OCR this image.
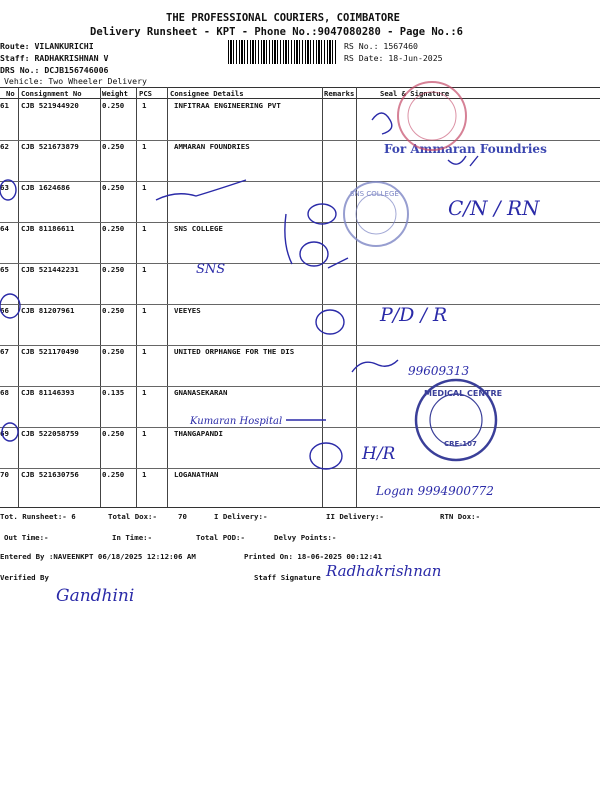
THE PROFESSIONAL COURIERS, COIMBATORE
Delivery Runsheet - KPT - Phone No.:9047080280 - Page No.:6
Route: VILANKURICHI
Staff: RADHAKRISHNAN V
DRS No.: DCJB156746006
Vehicle: Two Wheeler Delivery
RS No.: 1567460
RS Date: 18-Jun-2025
No Consignment No	Weight PCS	Consignee Details	Remarks	Seal & Signature
61 CJB 521944920	0.250 1	INFITRAA ENGINEERING PVT
62 CJB 521673879	0.250 1	AMMARAN FOUNDRIES
63 CJB 1624686	0.250 1
64 CJB 81186611	0.250 1	SNS COLLEGE
65 CJB 521442231	0.250 1
66 CJB 81207961	0.250 1	VEEYES
67 CJB 521170490	0.250 1	UNITED ORPHANGE FOR THE DIS
68 CJB 81146393	0.135 1	GNANASEKARAN
69 CJB 522058759	0.250 1	THANGAPANDI
70 CJB 521630756	0.250 1	LOGANATHAN
Tot. Runsheet:- 6	Total Dox:-	70	I Delivery:-	II Delivery:-	RTN Dox:-
Out Time:-	In Time:-	Total POD:-	Delvy Points:-
Entered By :NAVEENKPT 06/18/2025 12:12:06 AM	Printed On: 18-06-2025 00:12:41
Verified By	Staff Signature
For Ammaran Foundries
C/N / RN
SNS
P/D / R
99609313
Kumaran Hospital
H/R
Logan 9994900772
Gandhini
Radhakrishnan
SNS COLLEGE
MEDICAL CENTRE
CRE-107
